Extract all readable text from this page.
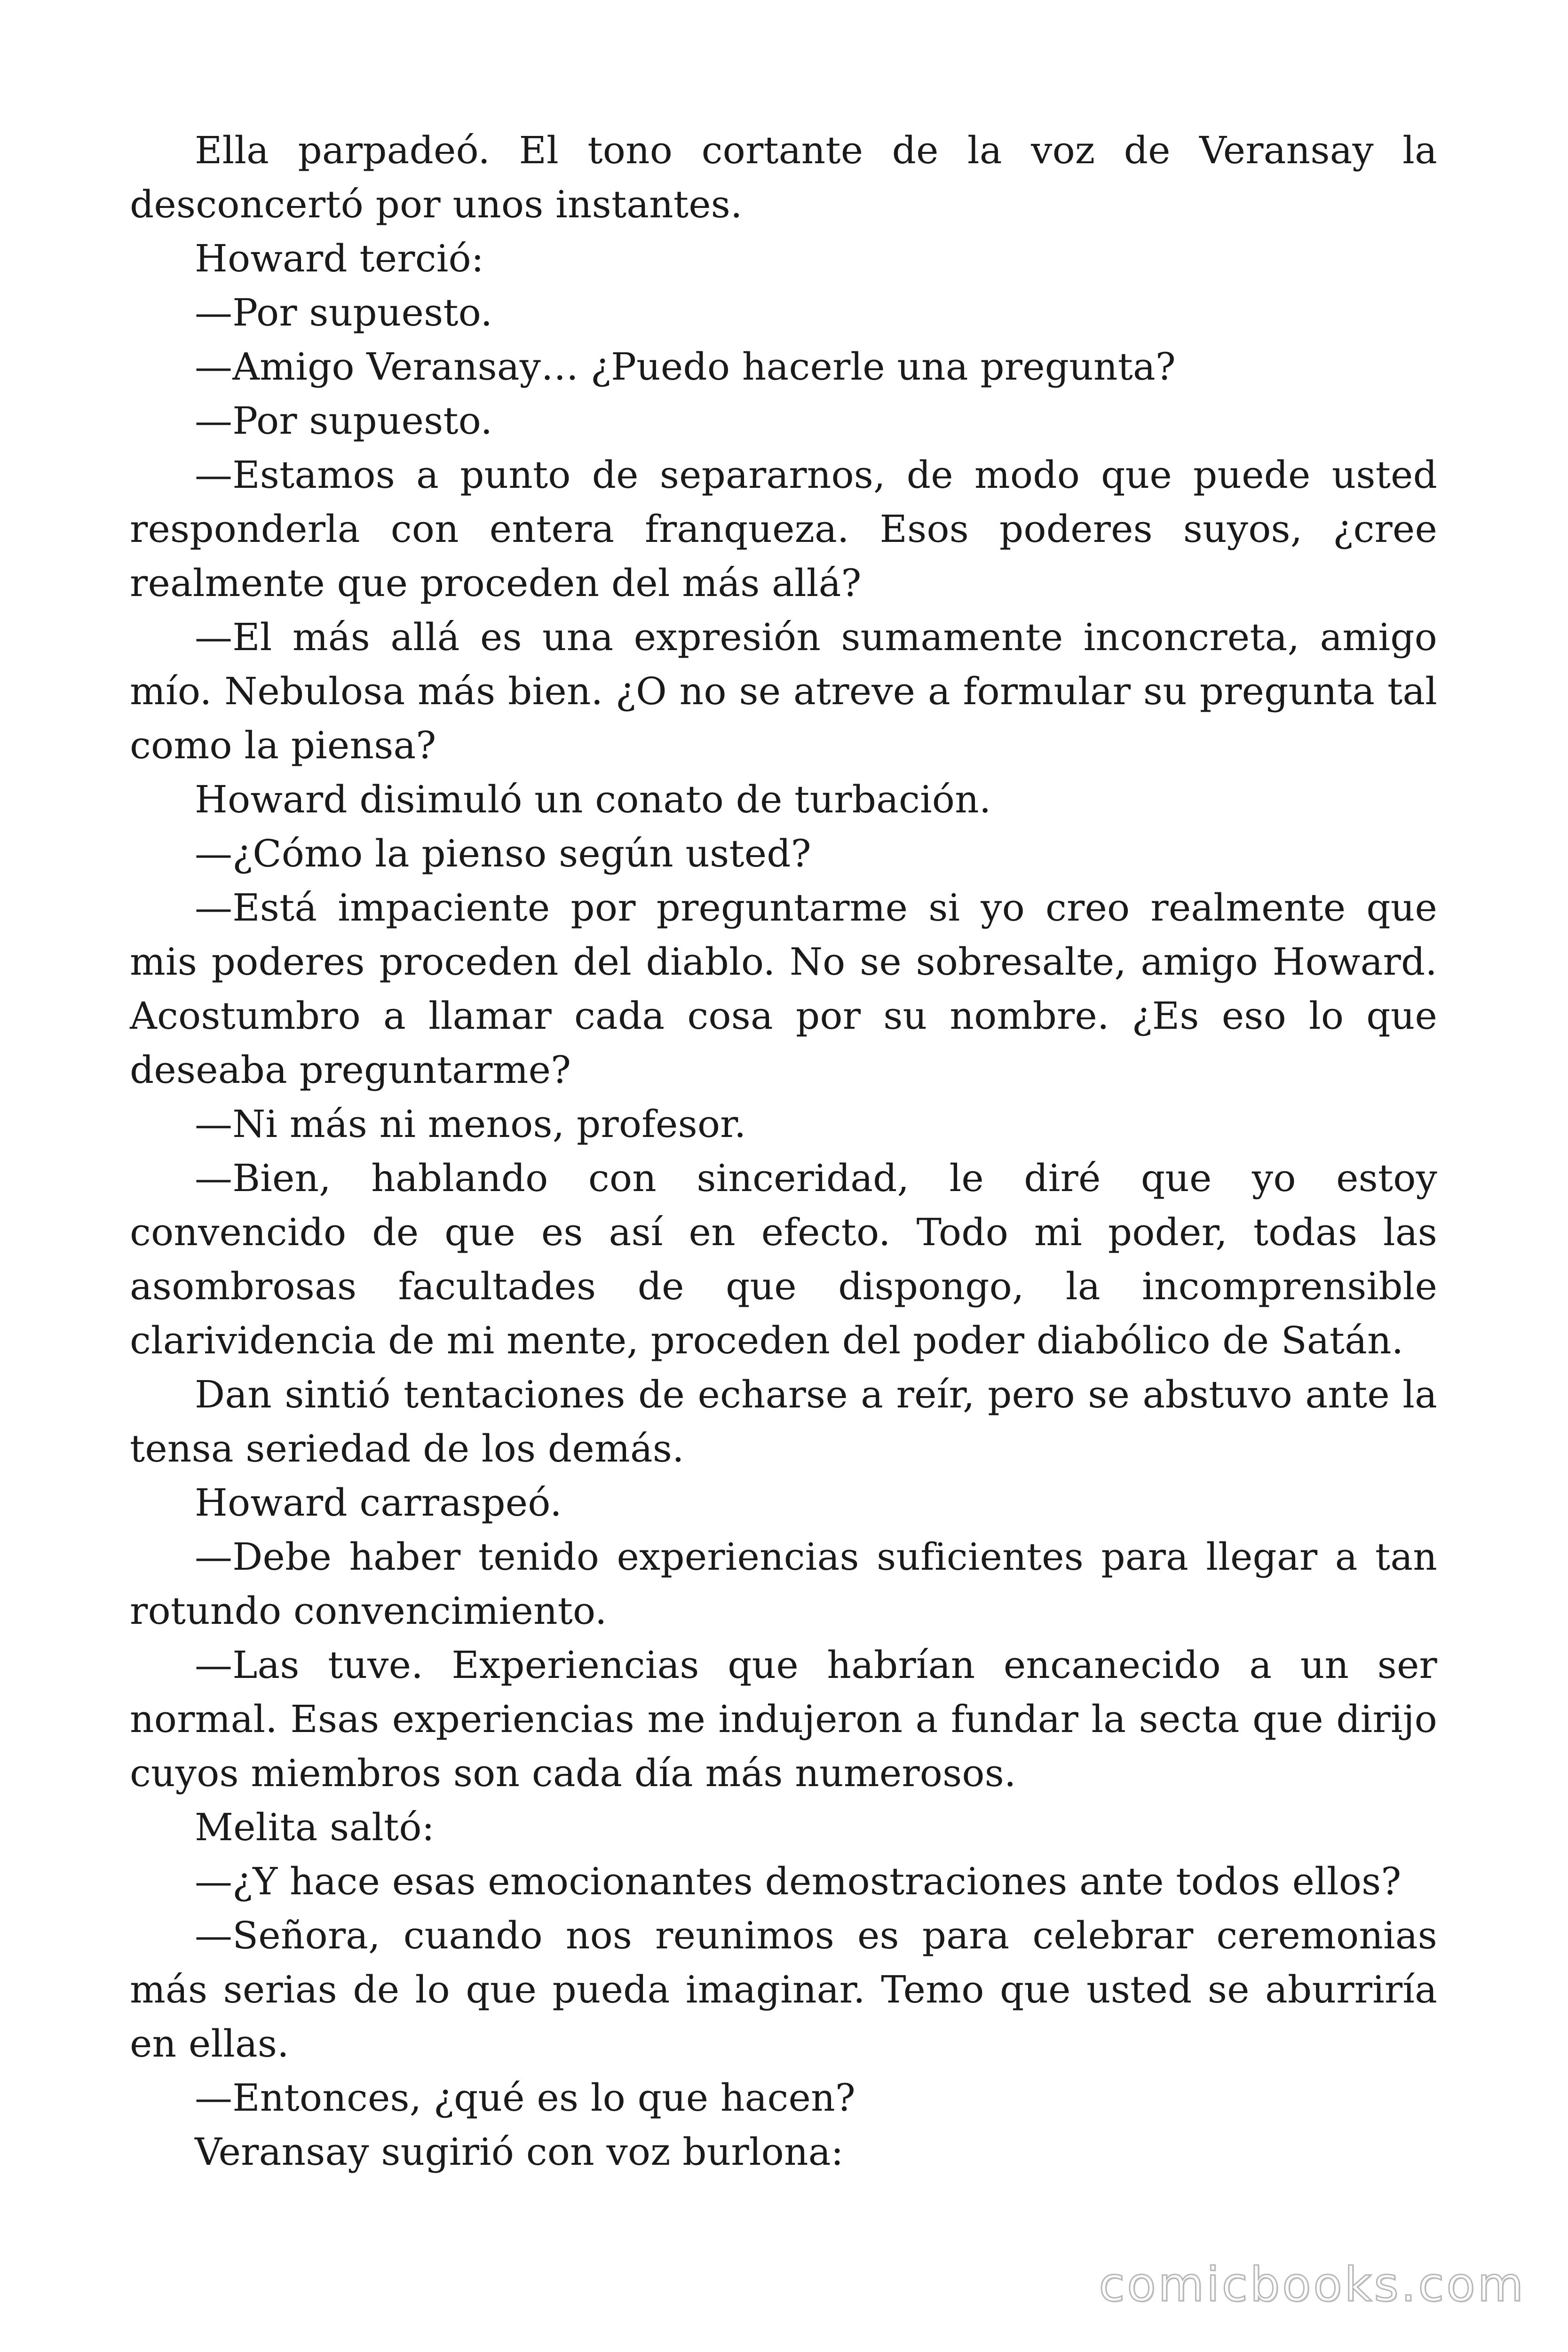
Ella parpadeó. El tono cortante de la voz de Veransay la desconcertó por unos instantes.

Howard terció:

—Por supuesto.

—Amigo Veransay… ¿Puedo hacerle una pregunta?

—Por supuesto.

—Estamos a punto de separarnos, de modo que puede usted responderla con entera franqueza. Esos poderes suyos, ¿cree realmente que proceden del más allá?

—El más allá es una expresión sumamente inconcreta, amigo mío. Nebulosa más bien. ¿O no se atreve a formular su pregunta tal como la piensa?

Howard disimuló un conato de turbación.

—¿Cómo la pienso según usted?

—Está impaciente por preguntarme si yo creo realmente que mis poderes proceden del diablo. No se sobresalte, amigo Howard. Acostumbro a llamar cada cosa por su nombre. ¿Es eso lo que deseaba preguntarme?

—Ni más ni menos, profesor.

—Bien, hablando con sinceridad, le diré que yo estoy convencido de que es así en efecto. Todo mi poder, todas las asombrosas facultades de que dispongo, la incomprensible clarividencia de mi mente, proceden del poder diabólico de Satán.

Dan sintió tentaciones de echarse a reír, pero se abstuvo ante la tensa seriedad de los demás.

Howard carraspeó.

—Debe haber tenido experiencias suficientes para llegar a tan rotundo convencimiento.

—Las tuve. Experiencias que habrían encanecido a un ser normal. Esas experiencias me indujeron a fundar la secta que dirijo cuyos miembros son cada día más numerosos.

Melita saltó:

—¿Y hace esas emocionantes demostraciones ante todos ellos?

—Señora, cuando nos reunimos es para celebrar ceremonias más serias de lo que pueda imaginar. Temo que usted se aburriría en ellas.

—Entonces, ¿qué es lo que hacen?

Veransay sugirió con voz burlona:

comicbooks.com
